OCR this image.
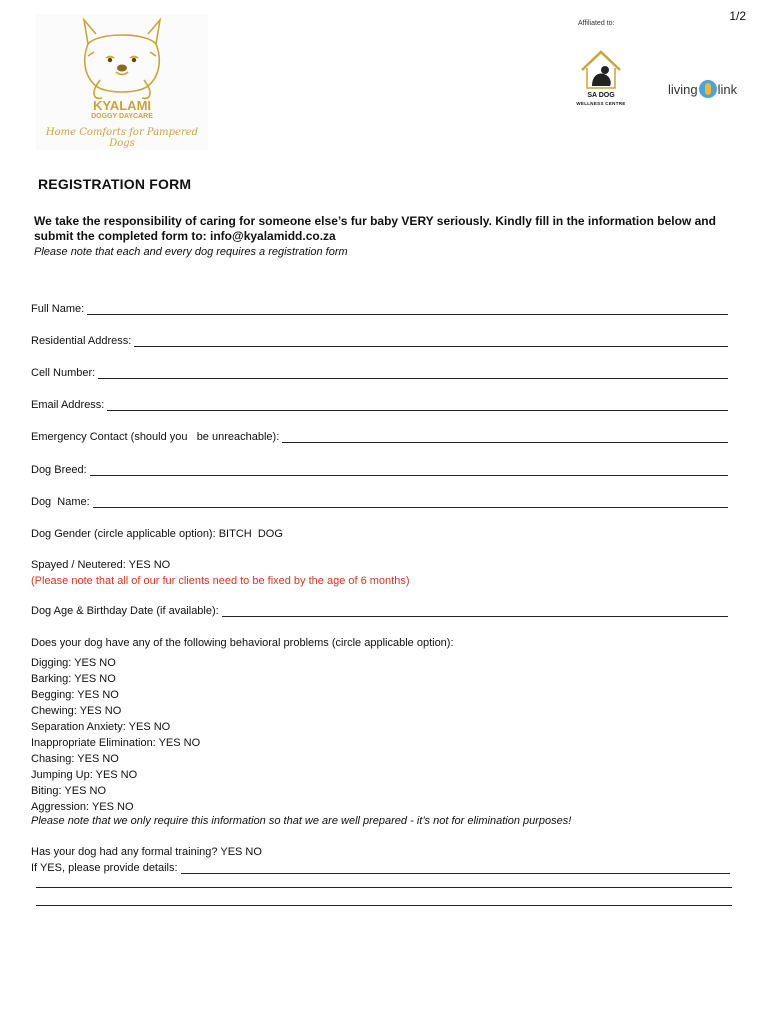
KYALAMI
DOGGY DAYCARE
Home Comforts for Pampered Dogs
1/2
Affiliated to:
SA DOG
WELLNESS CENTRE
living link
REGISTRATION FORM
We take the responsibility of caring for someone else’s fur baby VERY seriously. Kindly fill in the information below and submit the completed form to: info@kyalamidd.co.za
Please note that each and every dog requires a registration form
Full Name:
Residential Address:
Cell Number:
Email Address:
Emergency Contact (should you   be unreachable):
Dog Breed:
Dog  Name:
Dog Gender (circle applicable option): BITCH  DOG
Spayed / Neutered: YES NO
(Please note that all of our fur clients need to be fixed by the age of 6 months)
Dog Age & Birthday Date (if available):
Does your dog have any of the following behavioral problems (circle applicable option):
Digging: YES NO
Barking: YES NO
Begging: YES NO
Chewing: YES NO
Separation Anxiety: YES NO
Inappropriate Elimination: YES NO
Chasing: YES NO
Jumping Up: YES NO
Biting: YES NO
Aggression: YES NO
Please note that we only require this information so that we are well prepared - it’s not for elimination purposes!
Has your dog had any formal training? YES NO
If YES, please provide details:
